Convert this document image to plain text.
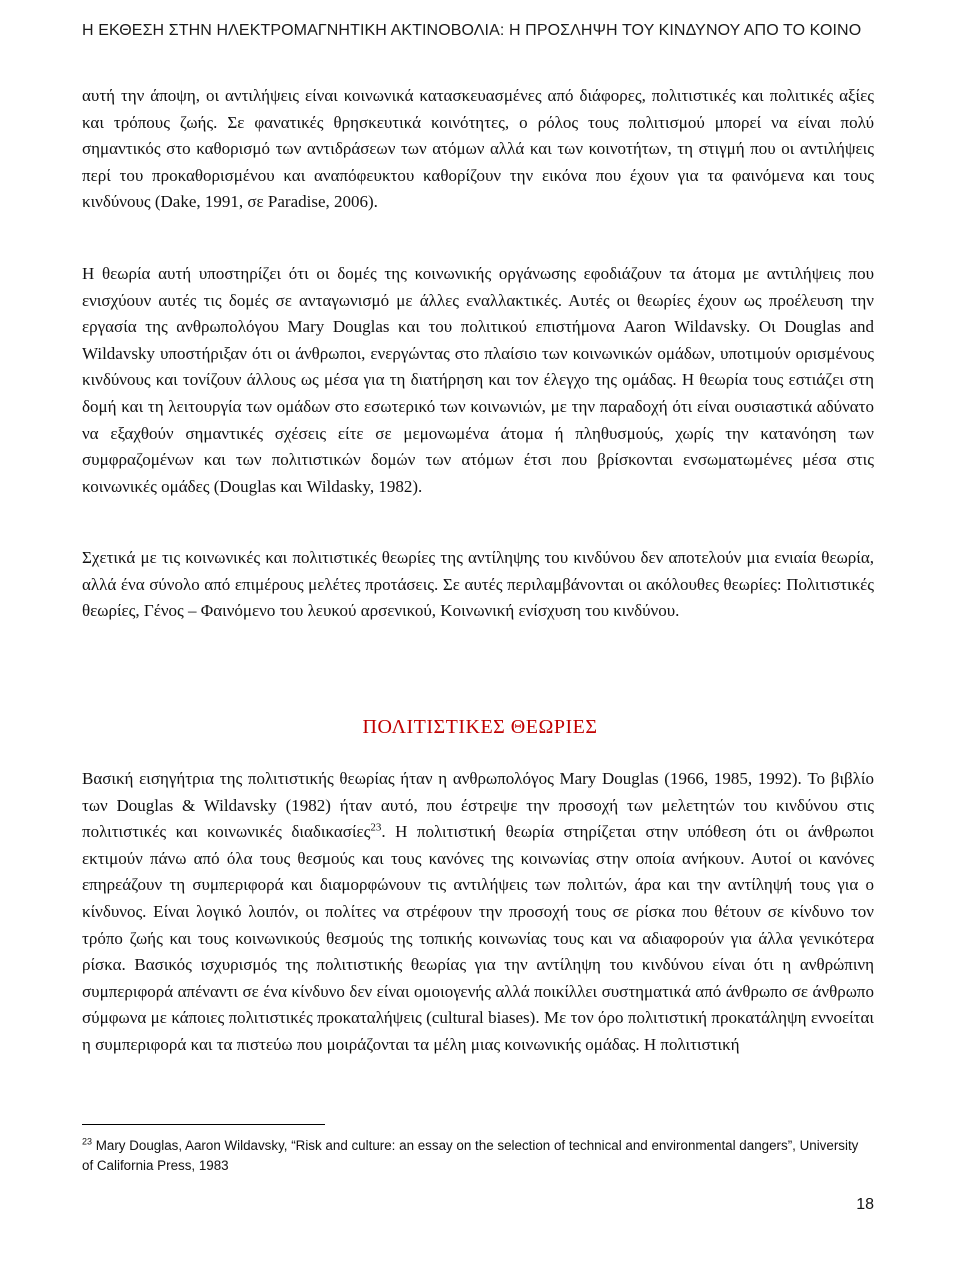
Η ΕΚΘΕΣΗ ΣΤΗΝ ΗΛΕΚΤΡΟΜΑΓΝΗΤΙΚΗ ΑΚΤΙΝΟΒΟΛΙΑ: Η ΠΡΟΣΛΗΨΗ ΤΟΥ ΚΙΝΔΥΝΟΥ ΑΠΟ ΤΟ ΚΟΙΝΟ

αυτή την άποψη, οι αντιλήψεις είναι κοινωνικά κατασκευασμένες από διάφορες, πολιτιστικές και πολιτικές αξίες και τρόπους ζωής. Σε φανατικές θρησκευτικά κοινότητες, ο ρόλος τους πολιτισμού μπορεί να είναι πολύ σημαντικός στο καθορισμό των αντιδράσεων των ατόμων αλλά και των κοινοτήτων, τη στιγμή που οι αντιλήψεις περί του προκαθορισμένου και αναπόφευκτου καθορίζουν την εικόνα που έχουν για τα φαινόμενα και τους κινδύνους (Dake, 1991, σε Paradise, 2006).

Η θεωρία αυτή υποστηρίζει ότι οι δομές της κοινωνικής οργάνωσης εφοδιάζουν τα άτομα με αντιλήψεις που ενισχύουν αυτές τις δομές σε ανταγωνισμό με άλλες εναλλακτικές. Αυτές οι θεωρίες έχουν ως προέλευση την εργασία της ανθρωπολόγου Mary Douglas και του πολιτικού επιστήμονα Aaron Wildavsky. Οι Douglas and Wildavsky υποστήριξαν ότι οι άνθρωποι, ενεργώντας στο πλαίσιο των κοινωνικών ομάδων, υποτιμούν ορισμένους κινδύνους και τονίζουν άλλους ως μέσα για τη διατήρηση και τον έλεγχο της ομάδας. Η θεωρία τους εστιάζει στη δομή και τη λειτουργία των ομάδων στο εσωτερικό των κοινωνιών, με την παραδοχή ότι είναι ουσιαστικά αδύνατο να εξαχθούν σημαντικές σχέσεις είτε σε μεμονωμένα άτομα ή πληθυσμούς, χωρίς την κατανόηση των συμφραζομένων και των πολιτιστικών δομών των ατόμων έτσι που βρίσκονται ενσωματωμένες μέσα στις κοινωνικές ομάδες (Douglas και Wildasky, 1982).

Σχετικά με τις κοινωνικές και πολιτιστικές θεωρίες της αντίληψης του κινδύνου δεν αποτελούν μια ενιαία θεωρία, αλλά ένα σύνολο από επιμέρους μελέτες προτάσεις. Σε αυτές περιλαμβάνονται οι ακόλουθες θεωρίες: Πολιτιστικές θεωρίες, Γένος – Φαινόμενο του λευκού αρσενικού, Κοινωνική ενίσχυση του κινδύνου.

ΠΟΛΙΤΙΣΤΙΚΕΣ ΘΕΩΡΙΕΣ

Βασική εισηγήτρια της πολιτιστικής θεωρίας ήταν η ανθρωπολόγος Mary Douglas (1966, 1985, 1992). Το βιβλίο των Douglas & Wildavsky (1982) ήταν αυτό, που έστρεψε την προσοχή των μελετητών του κινδύνου στις πολιτιστικές και κοινωνικές διαδικασίες$^{23}$. Η πολιτιστική θεωρία στηρίζεται στην υπόθεση ότι οι άνθρωποι εκτιμούν πάνω από όλα τους θεσμούς και τους κανόνες της κοινωνίας στην οποία ανήκουν. Αυτοί οι κανόνες επηρεάζουν τη συμπεριφορά και διαμορφώνουν τις αντιλήψεις των πολιτών, άρα και την αντίληψή τους για ο κίνδυνος. Είναι λογικό λοιπόν, οι πολίτες να στρέφουν την προσοχή τους σε ρίσκα που θέτουν σε κίνδυνο τον τρόπο ζωής και τους κοινωνικούς θεσμούς της τοπικής κοινωνίας τους και να αδιαφορούν για άλλα γενικότερα ρίσκα. Βασικός ισχυρισμός της πολιτιστικής θεωρίας για την αντίληψη του κινδύνου είναι ότι η ανθρώπινη συμπεριφορά απέναντι σε ένα κίνδυνο δεν είναι ομοιογενής αλλά ποικίλλει συστηματικά από άνθρωπο σε άνθρωπο σύμφωνα με κάποιες πολιτιστικές προκαταλήψεις (cultural biases). Με τον όρο πολιτιστική προκατάληψη εννοείται η συμπεριφορά και τα πιστεύω που μοιράζονται τα μέλη μιας κοινωνικής ομάδας. Η πολιτιστική

$^{23}$ Mary Douglas, Aaron Wildavsky, “Risk and culture: an essay on the selection of technical and environmental dangers”, University of California Press, 1983

18
